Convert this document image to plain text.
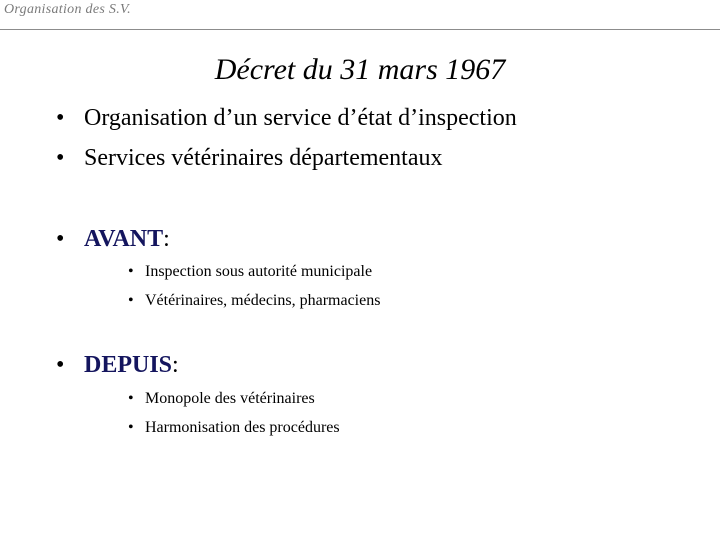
Organisation des S.V.
Décret du 31 mars 1967
• Organisation d’un service d’état d’inspection
• Services vétérinaires départementaux
• AVANT :
• Inspection sous autorité municipale
• Vétérinaires, médecins, pharmaciens
• DEPUIS :
• Monopole des vétérinaires
• Harmonisation des procédures
